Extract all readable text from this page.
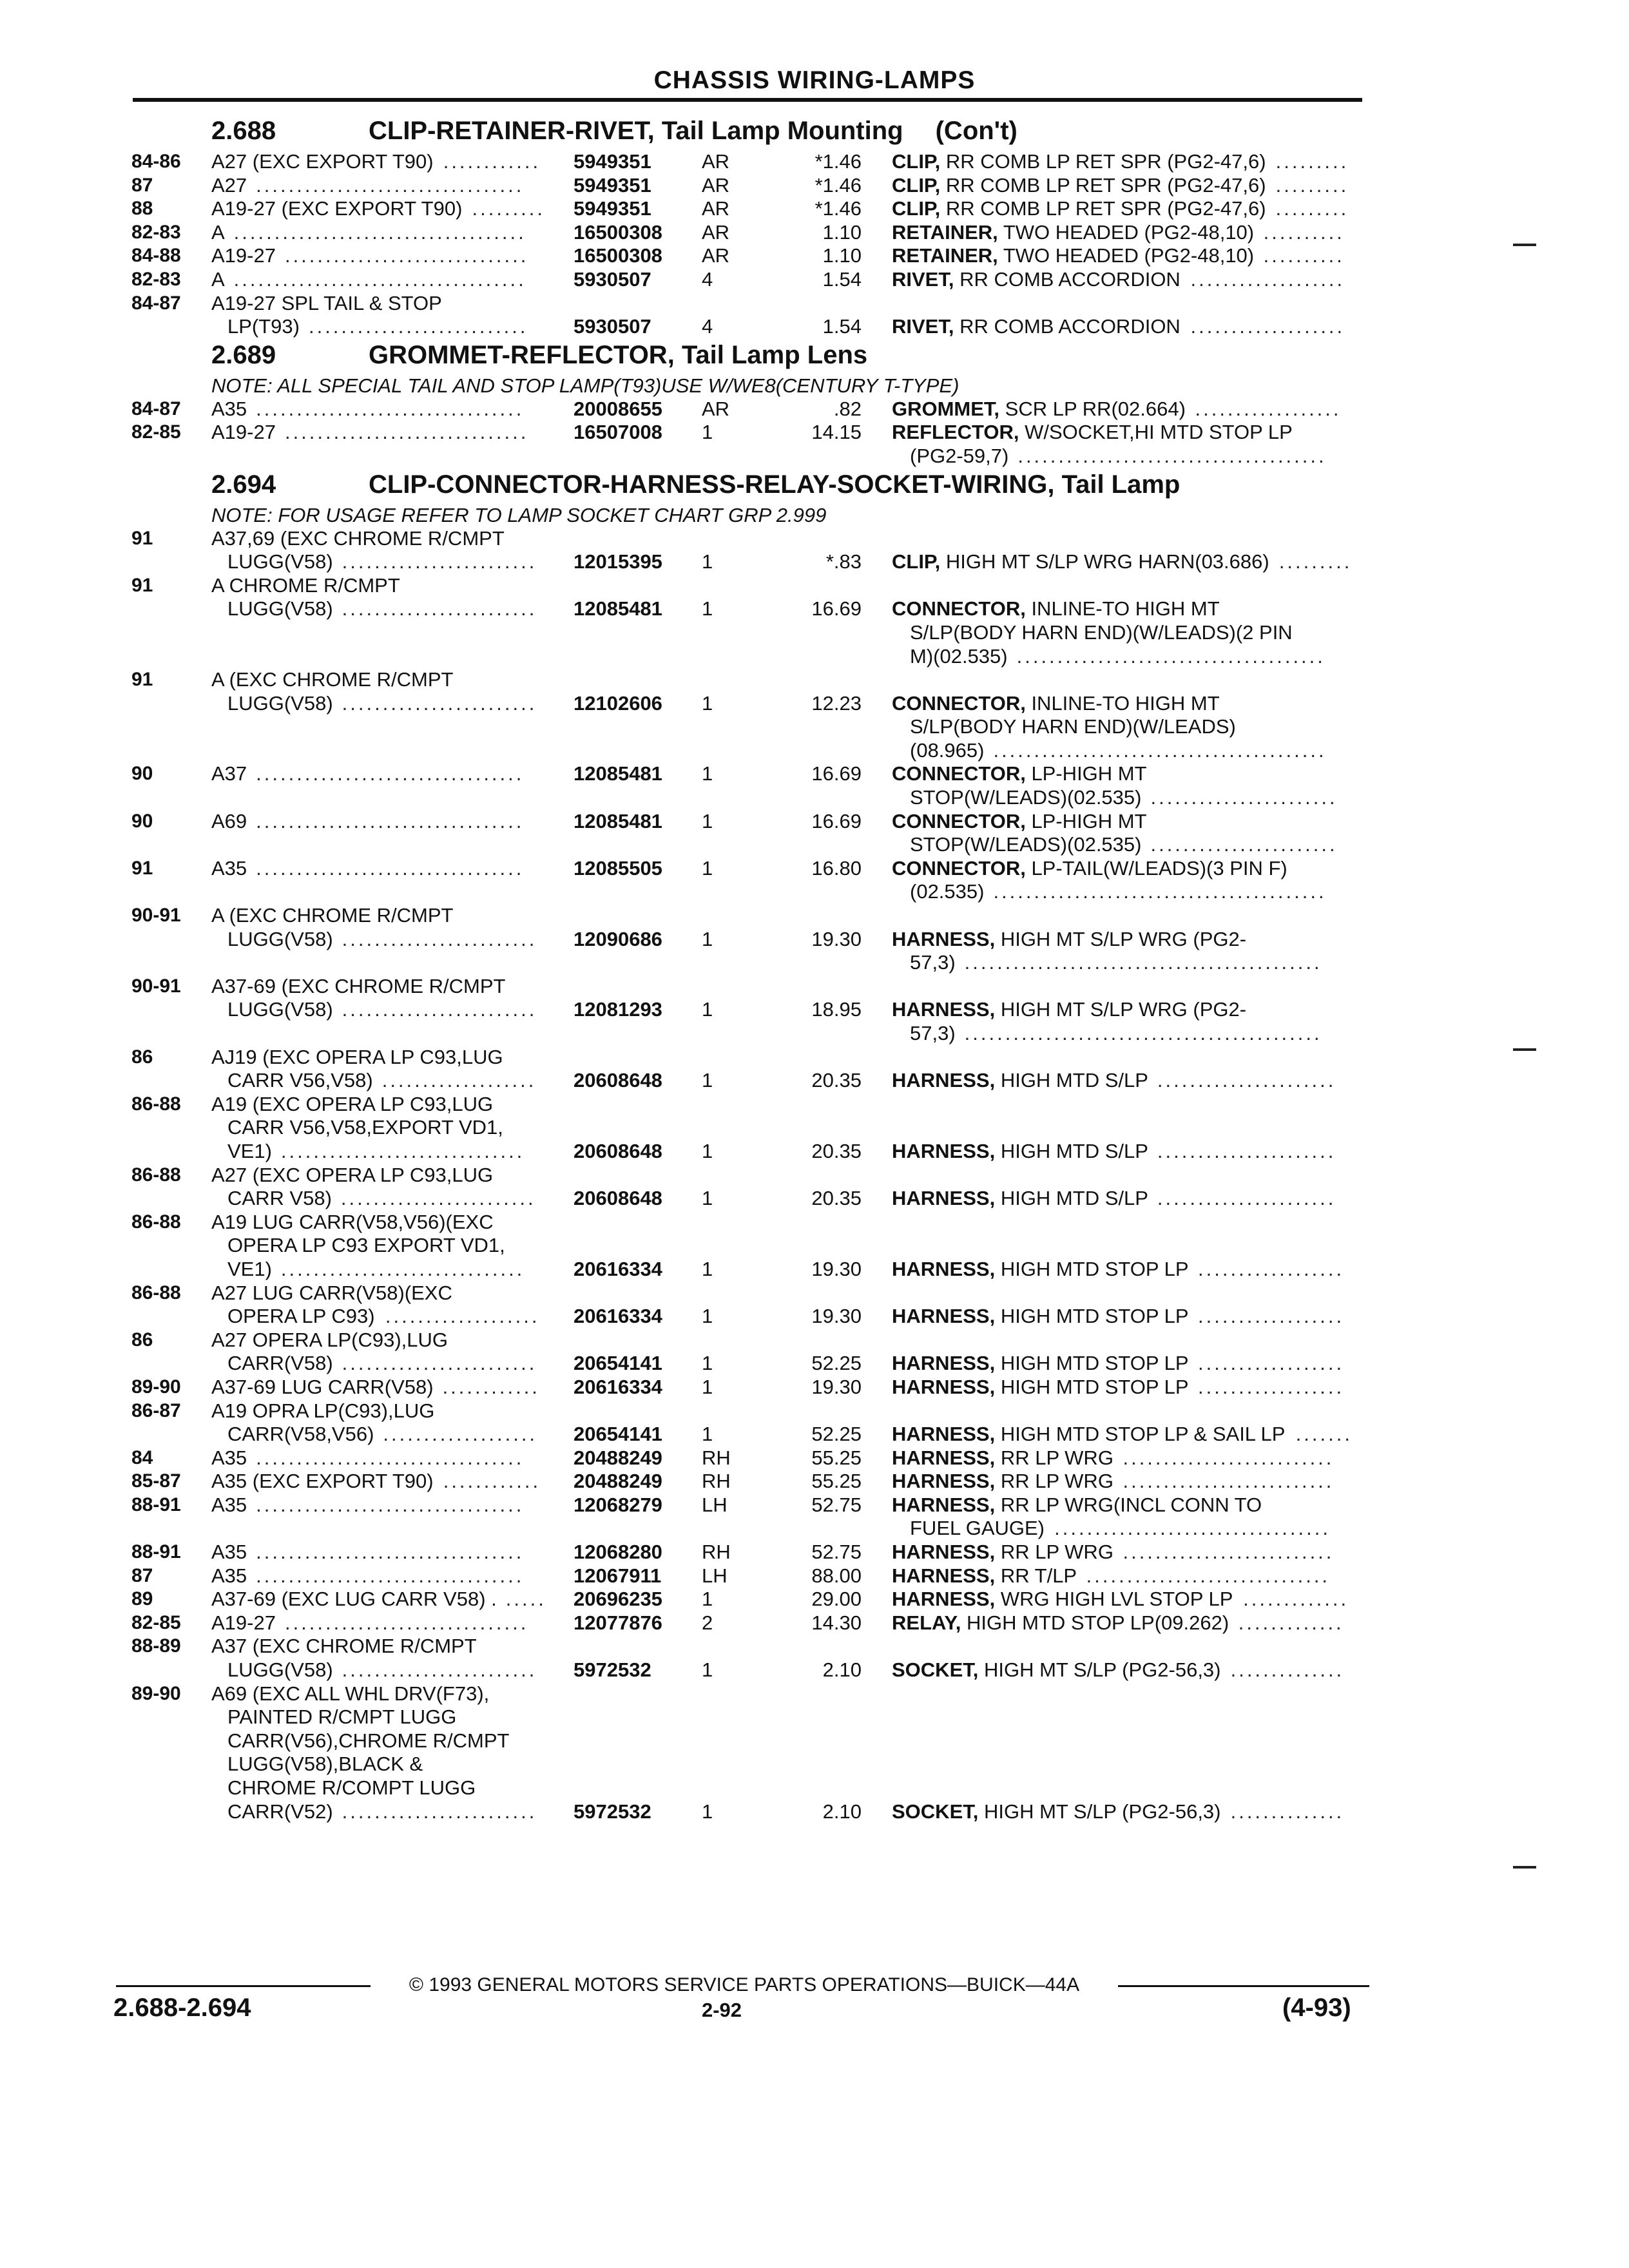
CHASSIS WIRING-LAMPS
2.688	CLIP-RETAINER-RIVET, Tail Lamp Mounting (Con't)
84-86 A27 (EXC EXPORT T90) ............	5949351	AR	*1.46 CLIP, RR COMB LP RET SPR (PG2-47,6) .........
87	A27 .................................	5949351	AR	*1.46 CLIP, RR COMB LP RET SPR (PG2-47,6) .........
88	A19-27 (EXC EXPORT T90) .........	5949351	AR	*1.46 CLIP, RR COMB LP RET SPR (PG2-47,6) .........
82-83 A ....................................	16500308 AR	1.10 RETAINER, TWO HEADED (PG2-48,10) ..........
84-88 A19-27 ..............................	16500308 AR	1.10 RETAINER, TWO HEADED (PG2-48,10) ..........
82-83 A ....................................	5930507	4	1.54 RIVET, RR COMB ACCORDION ...................
84-87 A19-27 SPL TAIL & STOP
LP(T93) ...........................	5930507	4	1.54 RIVET, RR COMB ACCORDION ...................
2.689	GROMMET-REFLECTOR, Tail Lamp Lens
NOTE: ALL SPECIAL TAIL AND STOP LAMP(T93)USE W/WE8(CENTURY T-TYPE)
84-87 A35 .................................	20008655 AR	.82 GROMMET, SCR LP RR(02.664) ..................
82-85 A19-27 ..............................	16507008 1	14.15 REFLECTOR, W/SOCKET,HI MTD STOP LP
(PG2-59,7) ......................................
2.694	CLIP-CONNECTOR-HARNESS-RELAY-SOCKET-WIRING, Tail Lamp
NOTE: FOR USAGE REFER TO LAMP SOCKET CHART GRP 2.999
91	A37,69 (EXC CHROME R/CMPT
LUGG(V58) ........................	12015395 1	*.83 CLIP, HIGH MT S/LP WRG HARN(03.686) .........
91	A CHROME R/CMPT
LUGG(V58) ........................	12085481 1	16.69 CONNECTOR, INLINE-TO HIGH MT
S/LP(BODY HARN END)(W/LEADS)(2 PIN
M)(02.535) ......................................
91	A (EXC CHROME R/CMPT
LUGG(V58) ........................	12102606 1	12.23 CONNECTOR, INLINE-TO HIGH MT
S/LP(BODY HARN END)(W/LEADS)
(08.965) .........................................
90	A37 .................................	12085481 1	16.69 CONNECTOR, LP-HIGH MT
STOP(W/LEADS)(02.535) .......................
90	A69 .................................	12085481 1	16.69 CONNECTOR, LP-HIGH MT
STOP(W/LEADS)(02.535) .......................
91	A35 .................................	12085505 1	16.80 CONNECTOR, LP-TAIL(W/LEADS)(3 PIN F)
(02.535) .........................................
90-91 A (EXC CHROME R/CMPT
LUGG(V58) ........................	12090686 1	19.30 HARNESS, HIGH MT S/LP WRG (PG2-
57,3) ............................................
90-91 A37-69 (EXC CHROME R/CMPT
LUGG(V58) ........................	12081293 1	18.95 HARNESS, HIGH MT S/LP WRG (PG2-
57,3) ............................................
86	AJ19 (EXC OPERA LP C93,LUG
CARR V56,V58) ...................	20608648 1	20.35 HARNESS, HIGH MTD S/LP ......................
86-88 A19 (EXC OPERA LP C93,LUG
CARR V56,V58,EXPORT VD1,
VE1) ..............................	20608648 1	20.35 HARNESS, HIGH MTD S/LP ......................
86-88 A27 (EXC OPERA LP C93,LUG
CARR V58) ........................	20608648 1	20.35 HARNESS, HIGH MTD S/LP ......................
86-88 A19 LUG CARR(V58,V56)(EXC
OPERA LP C93 EXPORT VD1,
VE1) ..............................	20616334 1	19.30 HARNESS, HIGH MTD STOP LP ..................
86-88 A27 LUG CARR(V58)(EXC
OPERA LP C93) ...................	20616334 1	19.30 HARNESS, HIGH MTD STOP LP ..................
86	A27 OPERA LP(C93),LUG
CARR(V58) ........................	20654141 1	52.25 HARNESS, HIGH MTD STOP LP ..................
89-90 A37-69 LUG CARR(V58) ............	20616334 1	19.30 HARNESS, HIGH MTD STOP LP ..................
86-87 A19 OPRA LP(C93),LUG
CARR(V58,V56) ...................	20654141 1	52.25 HARNESS, HIGH MTD STOP LP & SAIL LP .......
84	A35 .................................	20488249 RH	55.25 HARNESS, RR LP WRG ..........................
85-87 A35 (EXC EXPORT T90) ............	20488249 RH	55.25 HARNESS, RR LP WRG ..........................
88-91 A35 .................................	12068279 LH	52.75 HARNESS, RR LP WRG(INCL CONN TO
FUEL GAUGE) ..................................
88-91 A35 .................................	12068280 RH	52.75 HARNESS, RR LP WRG ..........................
87	A35 .................................	12067911 LH	88.00 HARNESS, RR T/LP ..............................
89	A37-69 (EXC LUG CARR V58) . .....	20696235 1	29.00 HARNESS, WRG HIGH LVL STOP LP .............
82-85 A19-27 ..............................	12077876 2	14.30 RELAY, HIGH MTD STOP LP(09.262) .............
88-89 A37 (EXC CHROME R/CMPT
LUGG(V58) ........................	5972532	1	2.10 SOCKET, HIGH MT S/LP (PG2-56,3) ..............
89-90 A69 (EXC ALL WHL DRV(F73),
PAINTED R/CMPT LUGG
CARR(V56),CHROME R/CMPT
LUGG(V58),BLACK &
CHROME R/COMPT LUGG
CARR(V52) ........................	5972532	1	2.10 SOCKET, HIGH MT S/LP (PG2-56,3) ..............
© 1993 GENERAL MOTORS SERVICE PARTS OPERATIONS—BUICK—44A
2.688-2.694	2-92	(4-93)
